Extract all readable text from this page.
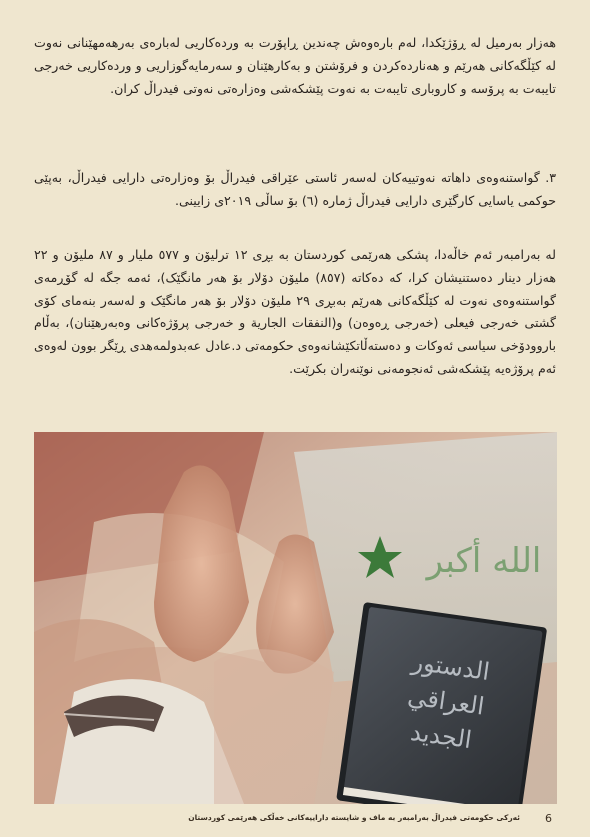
هەزار بەرمیل لە ڕۆژێکدا، لەم بارەوەش چەندین ڕاپۆرت بە وردەکاریی لەبارەی بەرهەمهێنانی نەوت لە کێڵگەکانی هەرێم و هەناردەکردن و فرۆشتن و بەکارهێنان و سەرمایەگوزاریی و وردەکاریی خەرجی تایبەت بە پرۆسە و کاروباری تایبەت بە نەوت پێشکەشی وەزارەتی نەوتی فیدراڵ کران.

٣. گواستنەوەی داهاتە نەوتییەکان لەسەر ئاستی عێراقی فیدراڵ بۆ وەزارەتی دارایی فیدراڵ، بەپێی حوکمی یاسایی کارگێری دارایی فیدراڵ ژمارە (٦) بۆ ساڵی ٢٠١٩ی زایینی.

لە بەرامبەر ئەم خاڵەدا، پشکی هەرێمی کوردستان بە بڕی ١٢ ترلیۆن و ٥٧٧ ملیار و ٨٧ ملیۆن و ٢٢ هەزار دینار دەستنیشان کرا، کە دەکاتە (٨٥٧) ملیۆن دۆلار بۆ هەر مانگێک)، ئەمە جگە لە گۆڕمەی گواستنەوەی نەوت لە کێڵگەکانی هەرێم بەبڕی ٢٩ ملیۆن دۆلار بۆ هەر مانگێک و لەسەر بنەمای کۆی گشتی خەرجی فیعلی (خەرجی ڕەوەن) و(النفقات الجاریة و خەرجی پرۆژەکانی وەبەرهێنان)، بەڵام باروودۆخی سیاسی ئەوکات و دەستەڵاتکێشانەوەی حکومەتی د.عادل عەبدولمەهدی ڕێگر بوون لەوەی ئەم پرۆژەیە پێشکەشی ئەنجومەنی نوێنەران بکرێت.

الله أكبر
الدستور
العراقي
الجديد
ئەرکی حکومەتی فیدراڵ بەرامبەر بە ماف و شایستە داراییەکانی خەڵکی هەرێمی کوردستان 6
